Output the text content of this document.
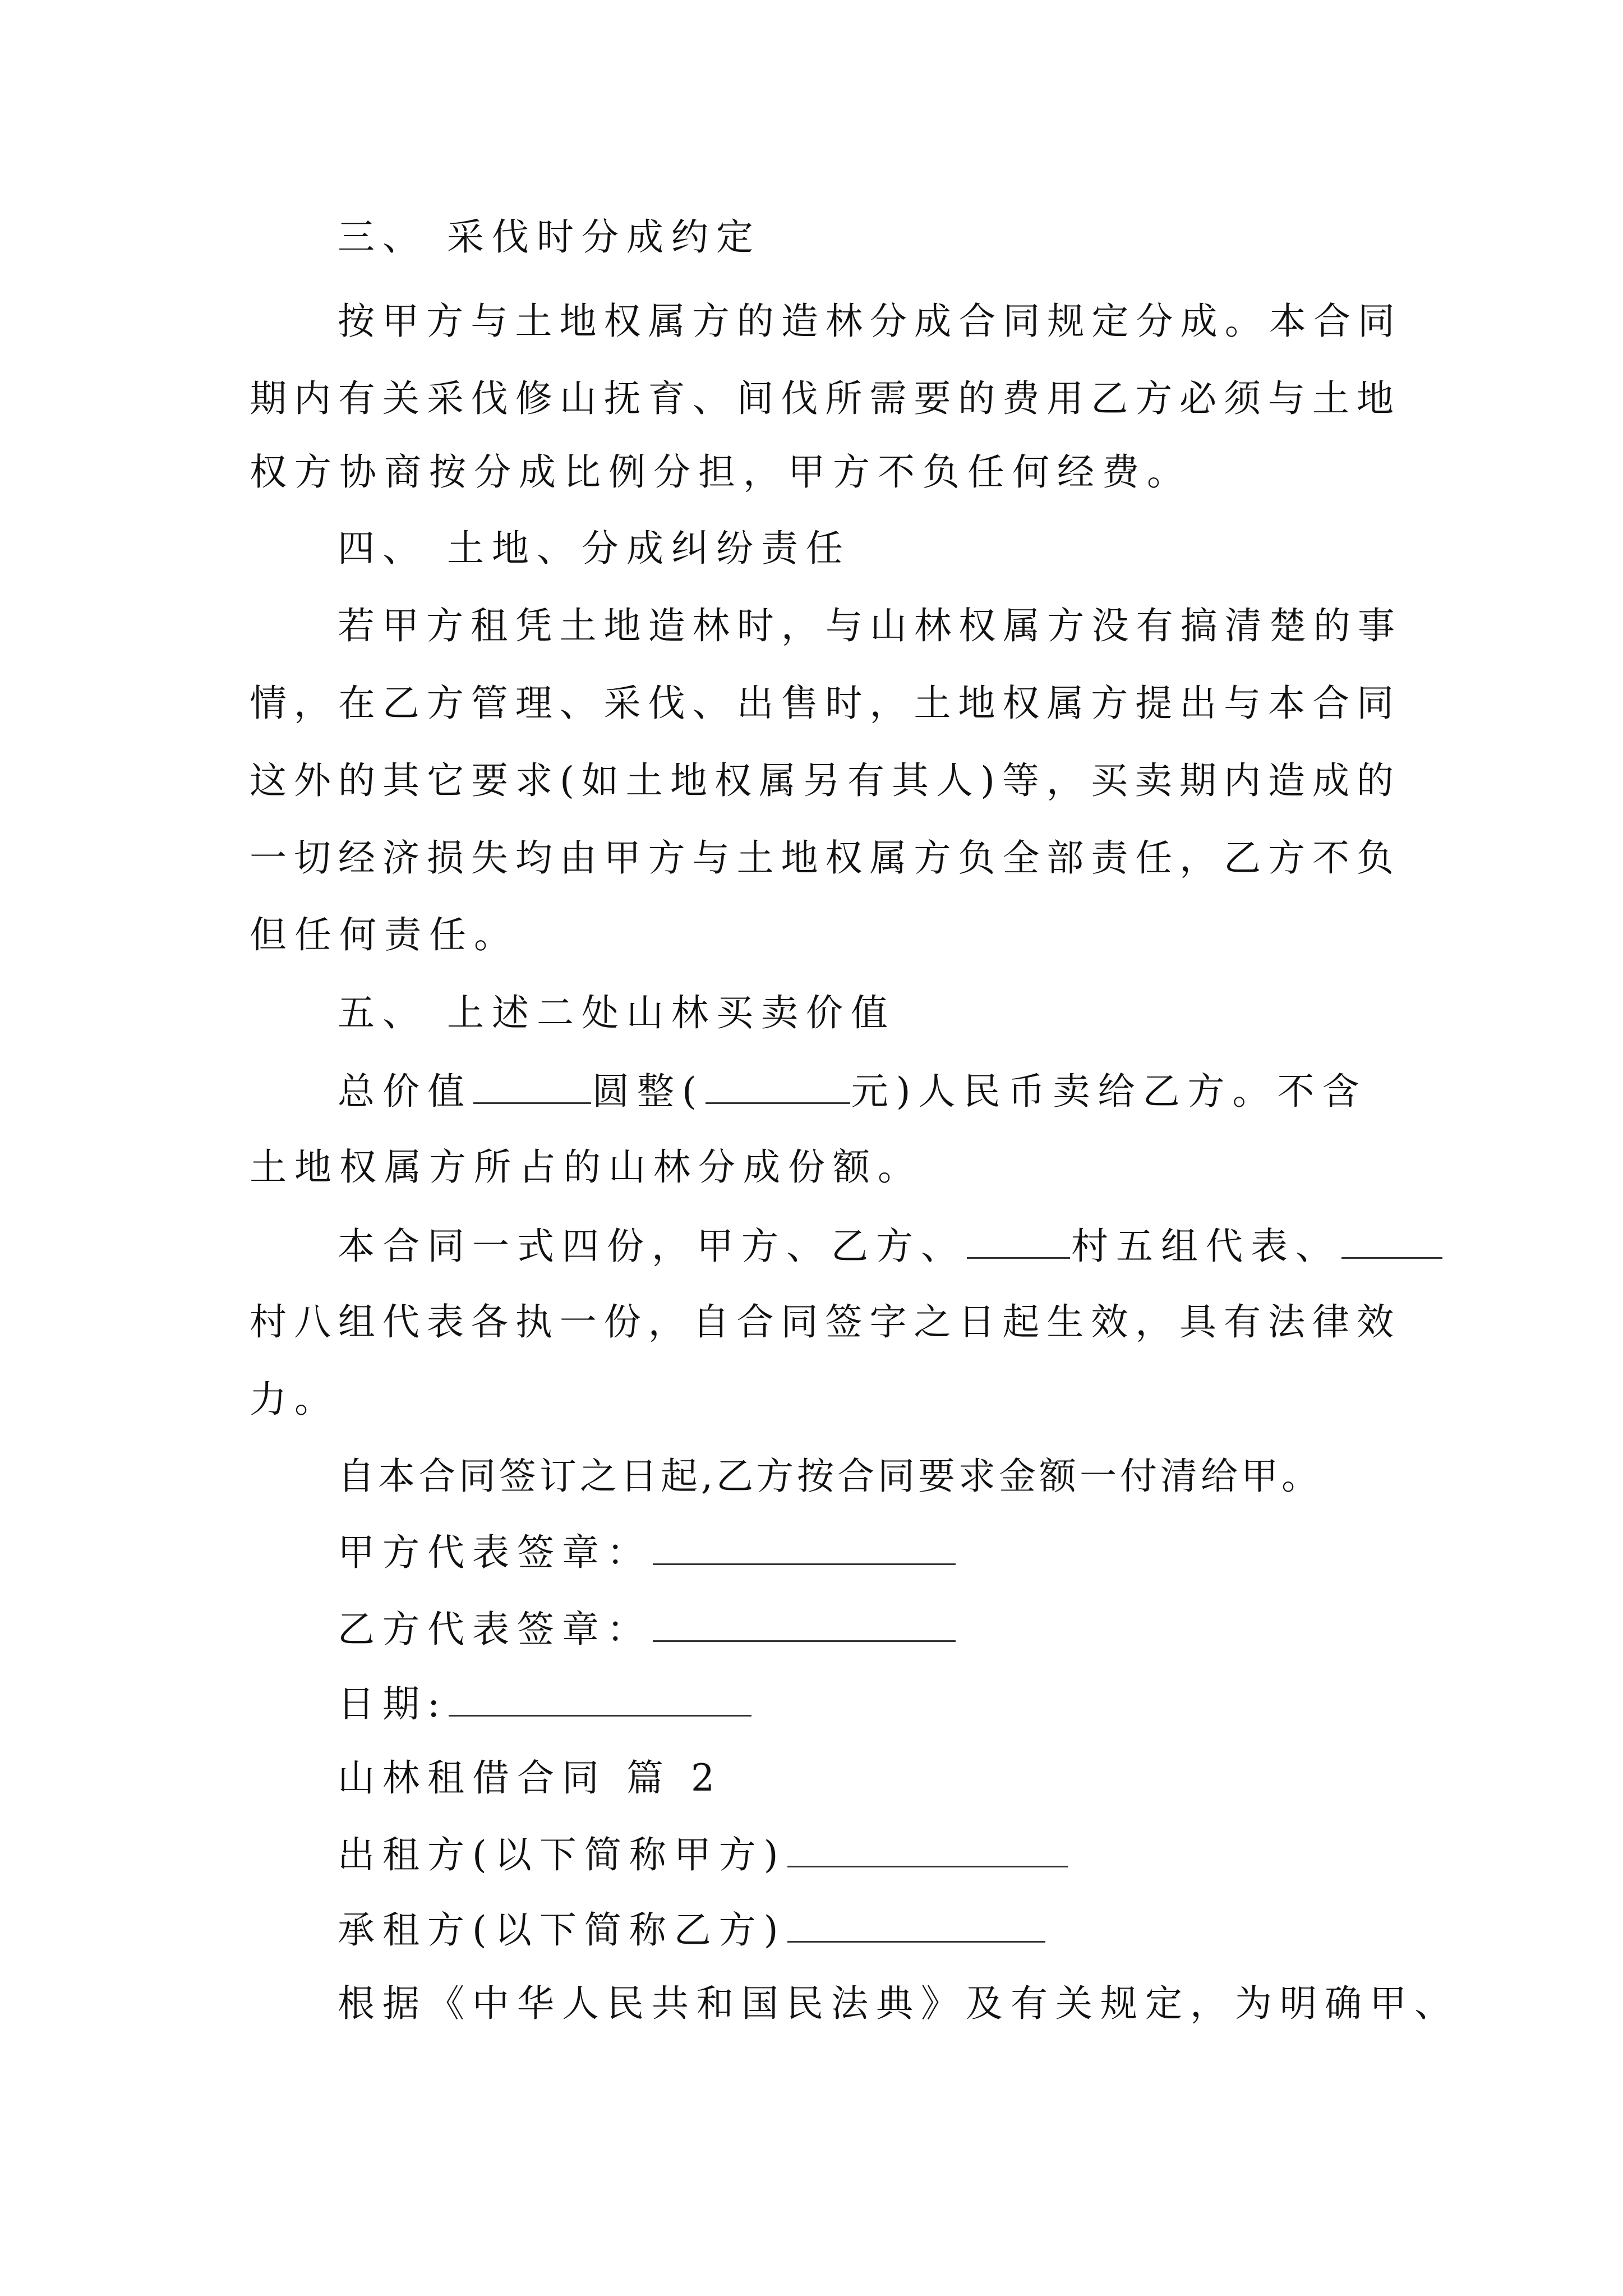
三、 采伐时分成约定
按甲方与土地权属方的造林分成合同规定分成。本合同
期内有关采伐修山抚育、间伐所需要的费用乙方必须与土地
权方协商按分成比例分担，甲方不负任何经费。
四、 土地、分成纠纷责任
若甲方租凭土地造林时，与山林权属方没有搞清楚的事
情，在乙方管理、采伐、出售时，土地权属方提出与本合同
这外的其它要求(如土地权属另有其人)等，买卖期内造成的
一切经济损失均由甲方与土地权属方负全部责任，乙方不负
但任何责任。
五、 上述二处山林买卖价值
总价值	圆整(	元)人民币卖给乙方。不含
土地权属方所占的山林分成份额。
本合同一式四份，甲方、乙方、	村五组代表、
村八组代表各执一份，自合同签字之日起生效，具有法律效
力。
自本合同签订之日起,乙方按合同要求金额一付清给甲。
甲方代表签章：
乙方代表签章：
日期:
山林租借合同 篇 2
出租方(以下简称甲方)
承租方(以下简称乙方)
根据《中华人民共和国民法典》及有关规定，为明确甲、
